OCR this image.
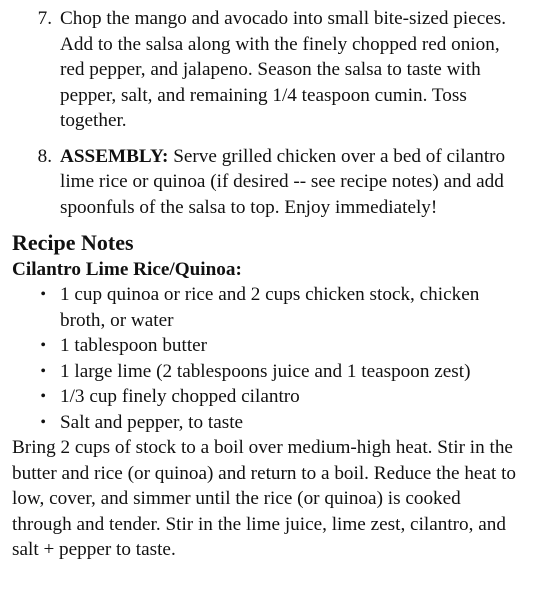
7. Chop the mango and avocado into small bite-sized pieces. Add to the salsa along with the finely chopped red onion, red pepper, and jalapeno. Season the salsa to taste with pepper, salt, and remaining 1/4 teaspoon cumin. Toss together.
8. ASSEMBLY: Serve grilled chicken over a bed of cilantro lime rice or quinoa (if desired -- see recipe notes) and add spoonfuls of the salsa to top. Enjoy immediately!
Recipe Notes
Cilantro Lime Rice/Quinoa:
• 1 cup quinoa or rice and 2 cups chicken stock, chicken broth, or water
• 1 tablespoon butter
• 1 large lime (2 tablespoons juice and 1 teaspoon zest)
• 1/3 cup finely chopped cilantro
• Salt and pepper, to taste

Bring 2 cups of stock to a boil over medium-high heat. Stir in the butter and rice (or quinoa) and return to a boil. Reduce the heat to low, cover, and simmer until the rice (or quinoa) is cooked through and tender. Stir in the lime juice, lime zest, cilantro, and salt + pepper to taste.
